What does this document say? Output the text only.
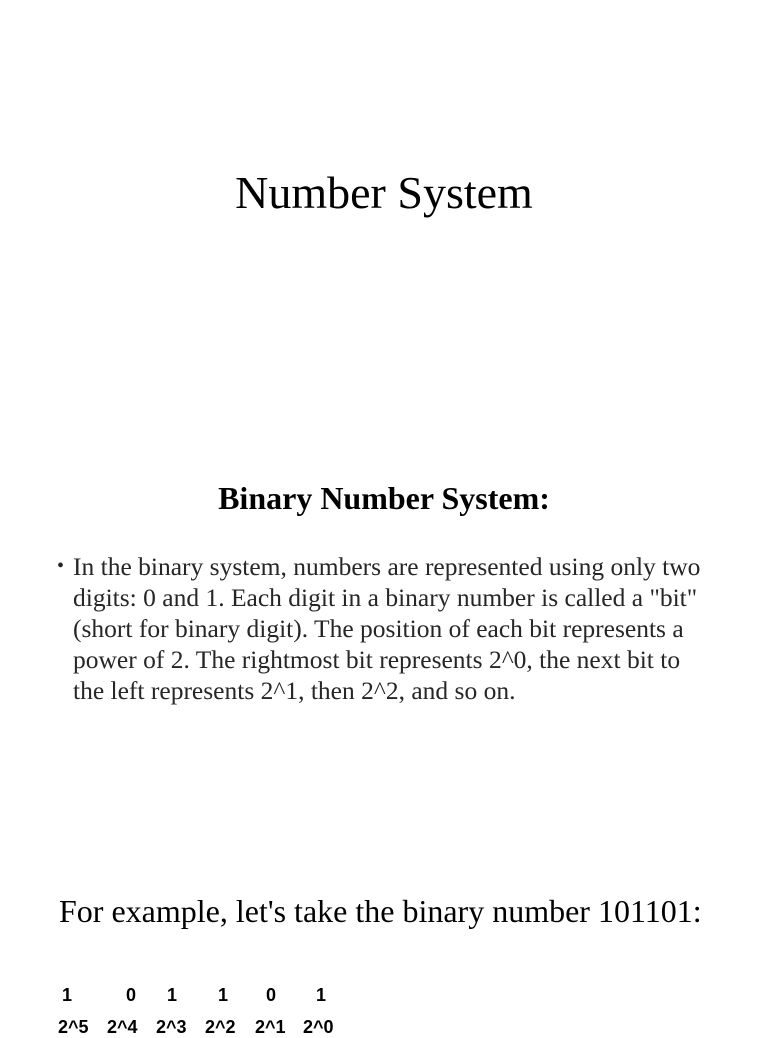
Number System
Binary Number System:
• In the binary system, numbers are represented using only two digits: 0 and 1. Each digit in a binary number is called a "bit" (short for binary digit). The position of each bit represents a power of 2. The rightmost bit represents 2^0, the next bit to the left represents 2^1, then 2^2, and so on.

For example, let's take the binary number 101101:

1	0 1 1 0 1
2^5 2^4 2^3 2^2 2^1 2^0
